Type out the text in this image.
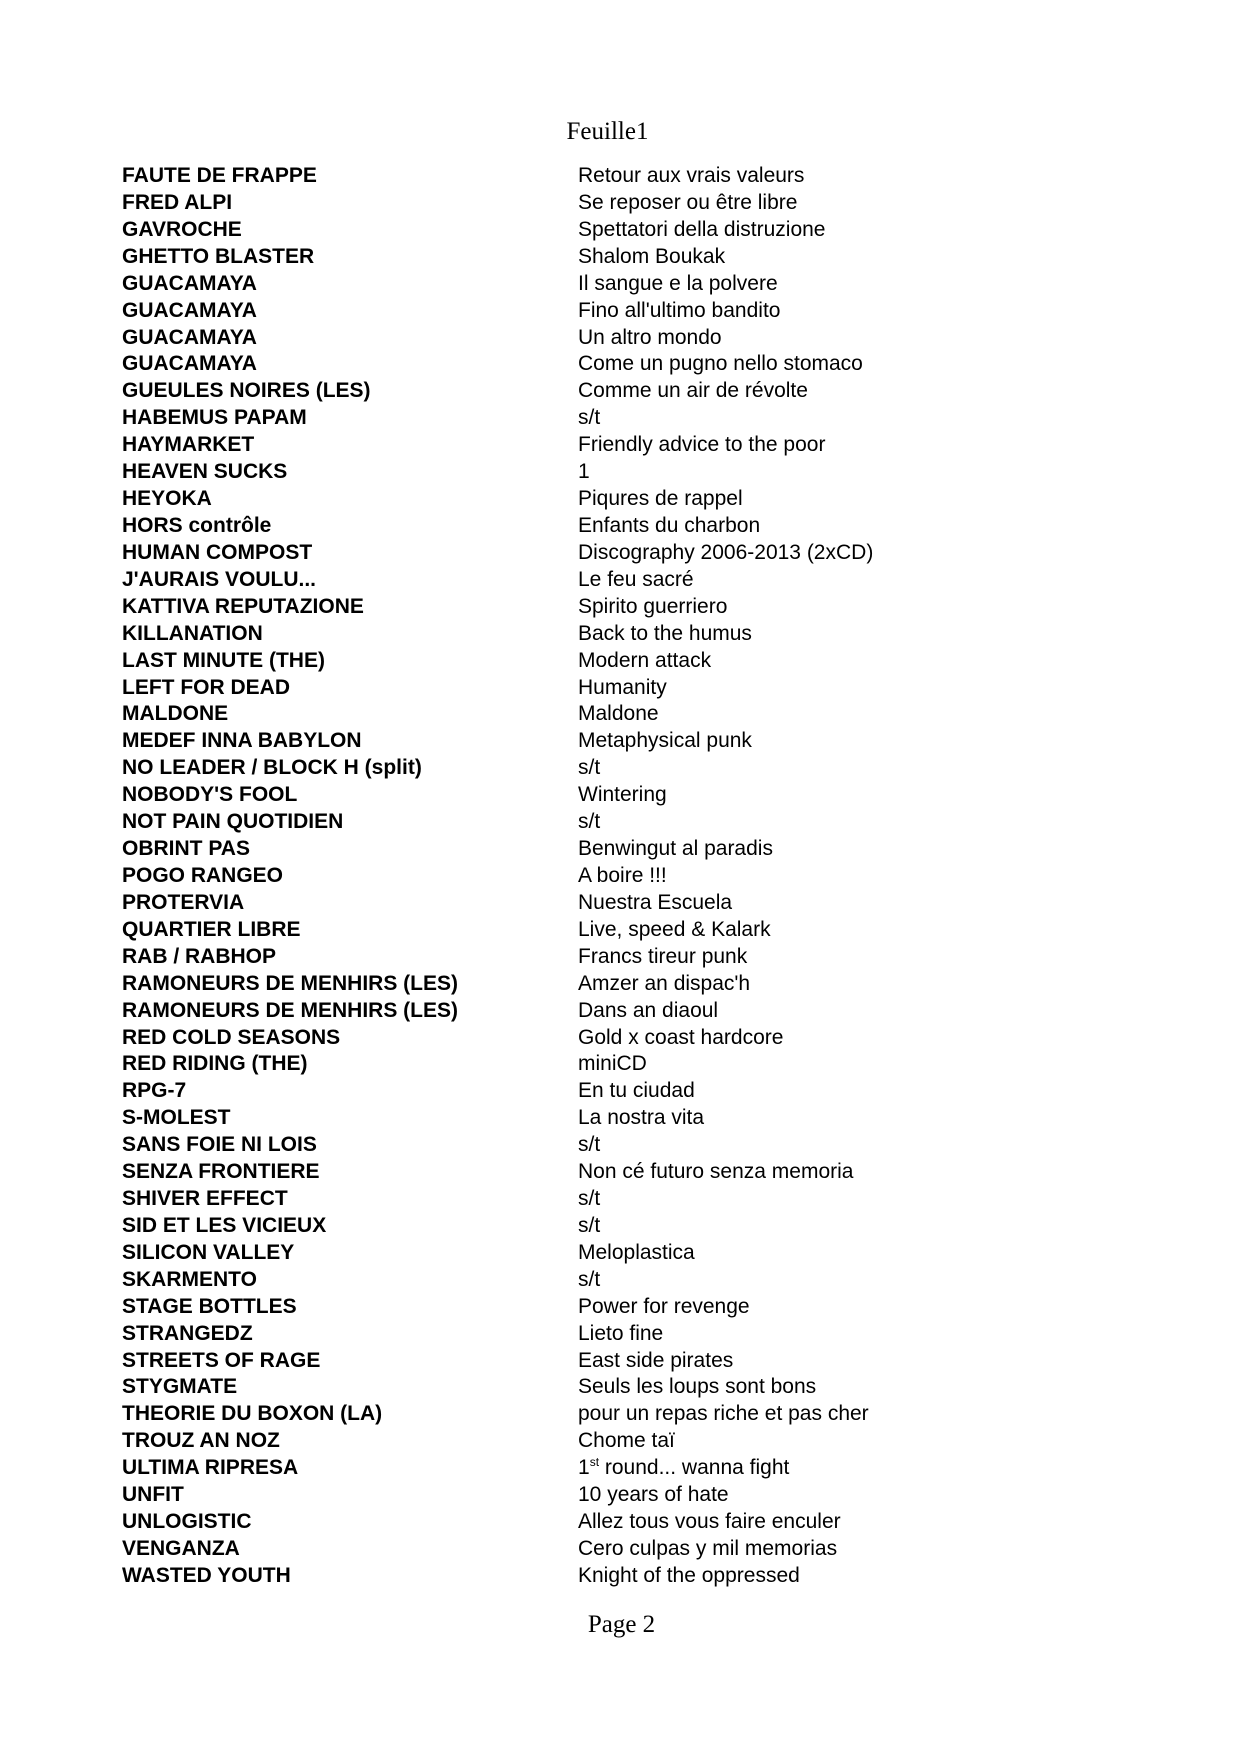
Feuille1
FAUTE DE FRAPPE	Retour aux vrais valeurs
FRED ALPI	Se reposer ou être libre
GAVROCHE	Spettatori della distruzione
GHETTO BLASTER	Shalom Boukak
GUACAMAYA	Il sangue e la polvere
GUACAMAYA	Fino all'ultimo bandito
GUACAMAYA	Un altro mondo
GUACAMAYA	Come un pugno nello stomaco
GUEULES NOIRES (LES)	Comme un air de révolte
HABEMUS PAPAM	s/t
HAYMARKET	Friendly advice to the poor
HEAVEN SUCKS	1
HEYOKA	Piqures de rappel
HORS contrôle	Enfants du charbon
HUMAN COMPOST	Discography 2006-2013 (2xCD)
J'AURAIS VOULU...	Le feu sacré
KATTIVA REPUTAZIONE	Spirito guerriero
KILLANATION	Back to the humus
LAST MINUTE (THE)	Modern attack
LEFT FOR DEAD	Humanity
MALDONE	Maldone
MEDEF INNA BABYLON	Metaphysical punk
NO LEADER / BLOCK H (split)	s/t
NOBODY'S FOOL	Wintering
NOT PAIN QUOTIDIEN	s/t
OBRINT PAS	Benwingut al paradis
POGO RANGEO	A boire !!!
PROTERVIA	Nuestra Escuela
QUARTIER LIBRE	Live, speed & Kalark
RAB / RABHOP	Francs tireur punk
RAMONEURS DE MENHIRS (LES)	Amzer an dispac'h
RAMONEURS DE MENHIRS (LES)	Dans an diaoul
RED COLD SEASONS	Gold x coast hardcore
RED RIDING (THE)	miniCD
RPG-7	En tu ciudad
S-MOLEST	La nostra vita
SANS FOIE NI LOIS	s/t
SENZA FRONTIERE	Non cé futuro senza memoria
SHIVER EFFECT	s/t
SID ET LES VICIEUX	s/t
SILICON VALLEY	Meloplastica
SKARMENTO	s/t
STAGE BOTTLES	Power for revenge
STRANGEDZ	Lieto fine
STREETS OF RAGE	East side pirates
STYGMATE	Seuls les loups sont bons
THEORIE DU BOXON (LA)	pour un repas riche et pas cher
TROUZ AN NOZ	Chome taï
ULTIMA RIPRESA	1st round... wanna fight
UNFIT	10 years of hate
UNLOGISTIC	Allez tous vous faire enculer
VENGANZA	Cero culpas y mil memorias
WASTED YOUTH	Knight of the oppressed
Page 2
